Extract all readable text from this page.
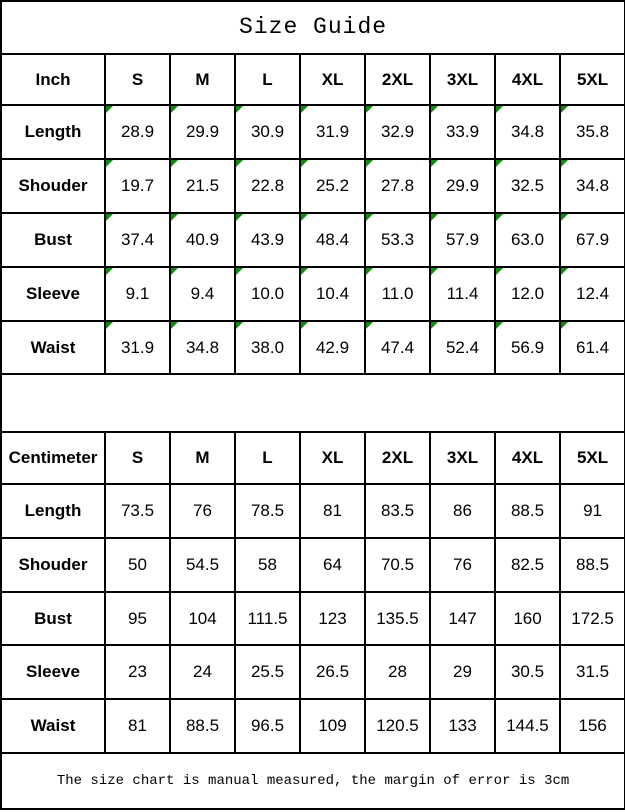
Size Guide								
Inch	S	M	L	XL	2XL	3XL	4XL	5XL
Length	28.9	29.9	30.9	31.9	32.9	33.9	34.8	35.8
Shouder	19.7	21.5	22.8	25.2	27.8	29.9	32.5	34.8
Bust	37.4	40.9	43.9	48.4	53.3	57.9	63.0	67.9
Sleeve	9.1	9.4	10.0	10.4	11.0	11.4	12.0	12.4
Waist	31.9	34.8	38.0	42.9	47.4	52.4	56.9	61.4

Centimeter	S	M	L	XL	2XL	3XL	4XL	5XL
Length	73.5	76	78.5	81	83.5	86	88.5	91
Shouder	50	54.5	58	64	70.5	76	82.5	88.5
Bust	95	104	111.5	123	135.5	147	160	172.5
Sleeve	23	24	25.5	26.5	28	29	30.5	31.5
Waist	81	88.5	96.5	109	120.5	133	144.5	156
The size chart is manual measured, the margin of error is 3cm								
